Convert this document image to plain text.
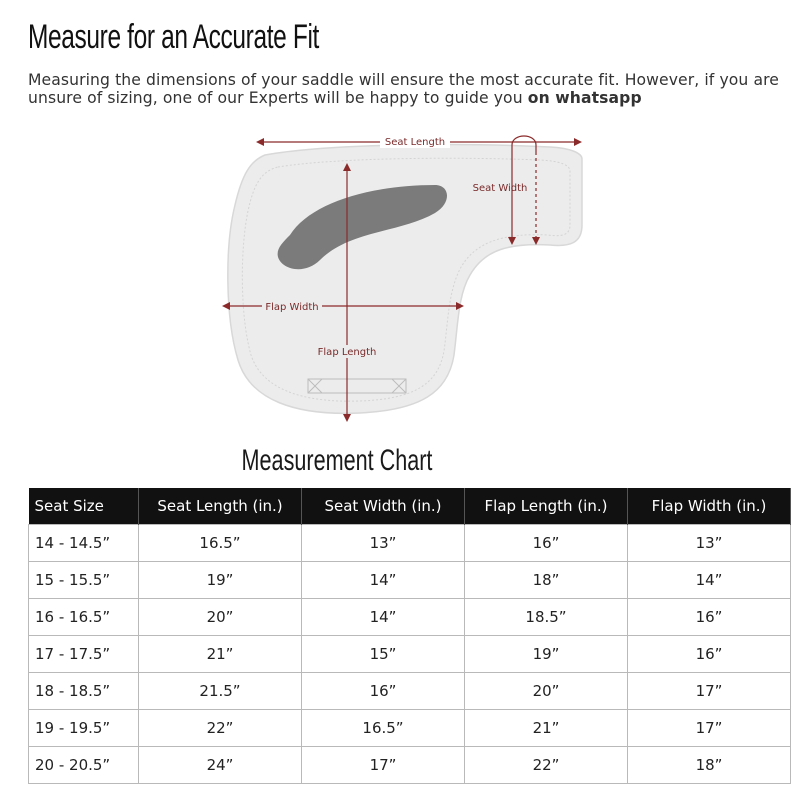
Measure for an Accurate Fit

Measuring the dimensions of your saddle will ensure the most accurate fit. However, if you are unsure of sizing, one of our Experts will be happy to guide you on whatsapp

Seat Length
Seat Width
Flap Length
Flap Width
Measurement Chart
Seat Size	Seat Length (in.)	Seat Width (in.)	Flap Length (in.)	Flap Width (in.)
14 - 14.5”	16.5”	13”	16”	13”
15 - 15.5”	19”	14”	18”	14”
16 - 16.5”	20”	14”	18.5”	16”
17 - 17.5”	21”	15”	19”	16”
18 - 18.5”	21.5”	16”	20”	17”
19 - 19.5”	22”	16.5”	21”	17”
20 - 20.5”	24”	17”	22”	18”
